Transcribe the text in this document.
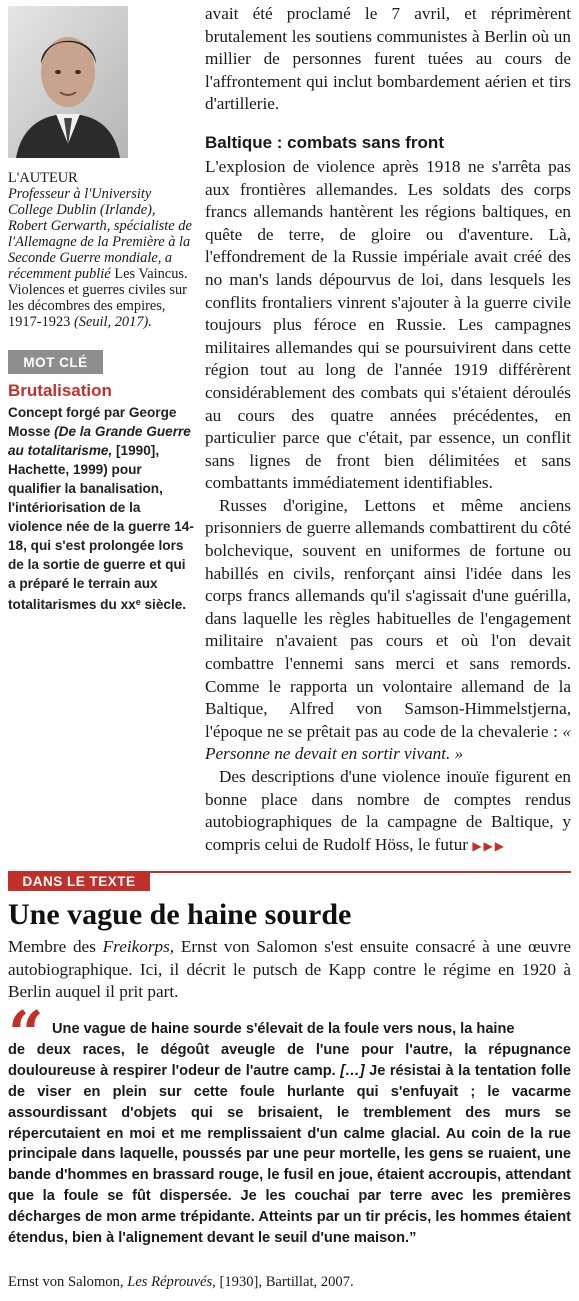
L'AUTEUR
Professeur à l'University College Dublin (Irlande), Robert Gerwarth, spécialiste de l'Allemagne de la Première à la Seconde Guerre mondiale, a récemment publié Les Vaincus. Violences et guerres civiles sur les décombres des empires, 1917-1923 (Seuil, 2017).
MOT CLÉ
Brutalisation
Concept forgé par George Mosse (De la Grande Guerre au totalitarisme, [1990], Hachette, 1999) pour qualifier la banalisation, l'intériorisation de la violence née de la guerre 14-18, qui s'est prolongée lors de la sortie de guerre et qui a préparé le terrain aux totalitarismes du $xx^e$ siècle.

avait été proclamé le 7 avril, et réprimèrent brutalement les soutiens communistes à Berlin où un millier de personnes furent tuées au cours de l'affrontement qui inclut bombardement aérien et tirs d'artillerie.

Baltique : combats sans front

L'explosion de violence après 1918 ne s'arrêta pas aux frontières allemandes. Les soldats des corps francs allemands hantèrent les régions baltiques, en quête de terre, de gloire ou d'aventure. Là, l'effondrement de la Russie impériale avait créé des no man's lands dépourvus de loi, dans lesquels les conflits frontaliers vinrent s'ajouter à la guerre civile toujours plus féroce en Russie. Les campagnes militaires allemandes qui se poursuivirent dans cette région tout au long de l'année 1919 différèrent considérablement des combats qui s'étaient déroulés au cours des quatre années précédentes, en particulier parce que c'était, par essence, un conflit sans lignes de front bien délimitées et sans combattants immédiatement identifiables.

Russes d'origine, Lettons et même anciens prisonniers de guerre allemands combattirent du côté bolchevique, souvent en uniformes de fortune ou habillés en civils, renforçant ainsi l'idée dans les corps francs allemands qu'il s'agissait d'une guérilla, dans laquelle les règles habituelles de l'engagement militaire n'avaient pas cours et où l'on devait combattre l'ennemi sans merci et sans remords. Comme le rapporta un volontaire allemand de la Baltique, Alfred von Samson-Himmelstjerna, l'époque ne se prêtait pas au code de la chevalerie : « Personne ne devait en sortir vivant. »

Des descriptions d'une violence inouïe figurent en bonne place dans nombre de comptes rendus autobiographiques de la campagne de Baltique, y compris celui de Rudolf Höss, le futur ▶▶▶

DANS LE TEXTE
Une vague de haine sourde

Membre des Freikorps, Ernst von Salomon s'est ensuite consacré à une œuvre autobiographique. Ici, il décrit le putsch de Kapp contre le régime en 1920 à Berlin auquel il prit part.

“ Une vague de haine sourde s'élevait de la foule vers nous, la haine
de deux races, le dégoût aveugle de l'une pour l'autre, la répugnance douloureuse à respirer l'odeur de l'autre camp. […] Je résistai à la tentation folle de viser en plein sur cette foule hurlante qui s'enfuyait ; le vacarme assourdissant d'objets qui se brisaient, le tremblement des murs se répercutaient en moi et me remplissaient d'un calme glacial. Au coin de la rue principale dans laquelle, poussés par une peur mortelle, les gens se ruaient, une bande d'hommes en brassard rouge, le fusil en joue, étaient accroupis, attendant que la foule se fût dispersée. Je les couchai par terre avec les premières décharges de mon arme trépidante. Atteints par un tir précis, les hommes étaient étendus, bien à l'alignement devant le seuil d'une maison.”

Ernst von Salomon, Les Réprouvés, [1930], Bartillat, 2007.
